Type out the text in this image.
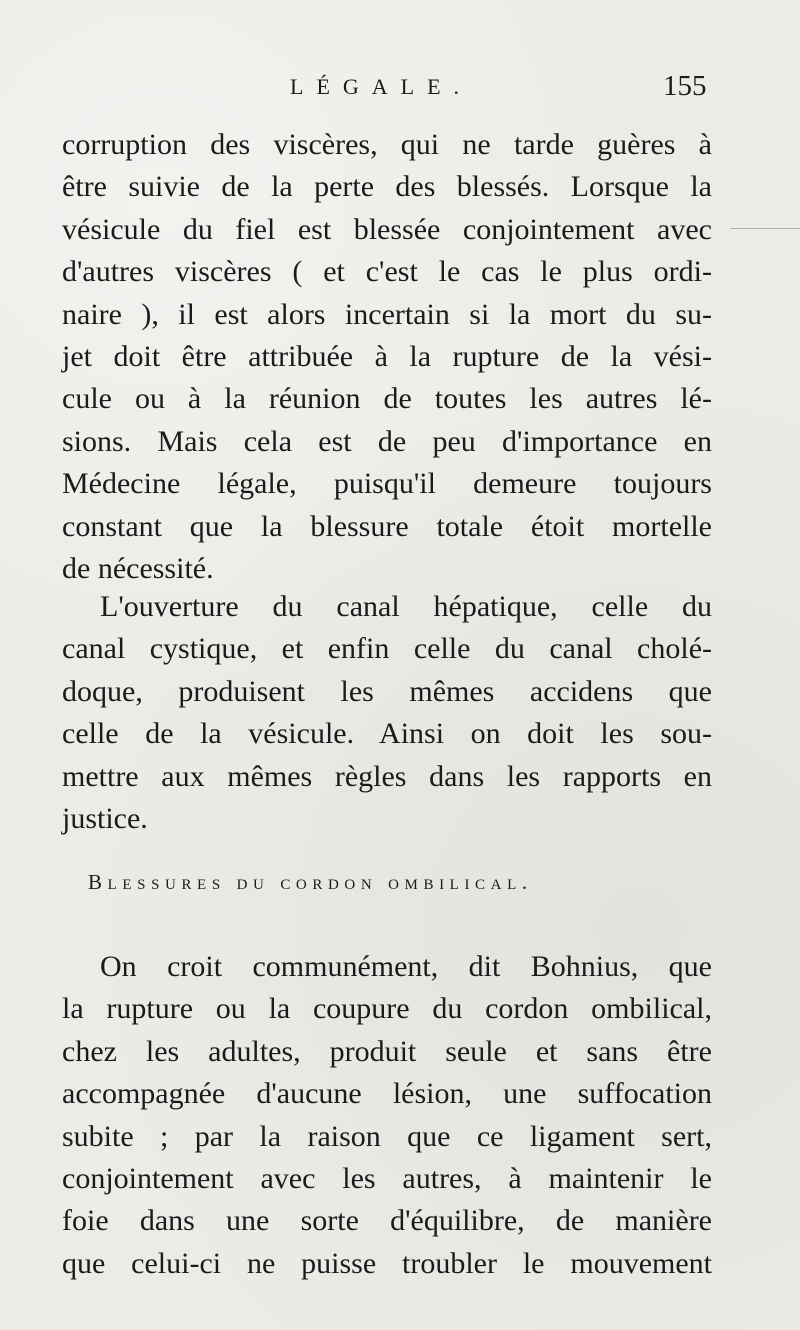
LÉGALE.	155
corruption des viscères, qui ne tarde guères à
être suivie de la perte des blessés. Lorsque la
vésicule du fiel est blessée conjointement avec
d'autres viscères ( et c'est le cas le plus ordi-
naire ), il est alors incertain si la mort du su-
jet doit être attribuée à la rupture de la vési-
cule ou à la réunion de toutes les autres lé-
sions. Mais cela est de peu d'importance en
Médecine légale, puisqu'il demeure toujours
constant que la blessure totale étoit mortelle
de nécessité.
L'ouverture du canal hépatique, celle du
canal cystique, et enfin celle du canal cholé-
doque, produisent les mêmes accidens que
celle de la vésicule. Ainsi on doit les sou-
mettre aux mêmes règles dans les rapports en
justice.
Blessures du cordon ombilical.
On croit communément, dit Bohnius, que
la rupture ou la coupure du cordon ombilical,
chez les adultes, produit seule et sans être
accompagnée d'aucune lésion, une suffocation
subite ; par la raison que ce ligament sert,
conjointement avec les autres, à maintenir le
foie dans une sorte d'équilibre, de manière
que celui-ci ne puisse troubler le mouvement
